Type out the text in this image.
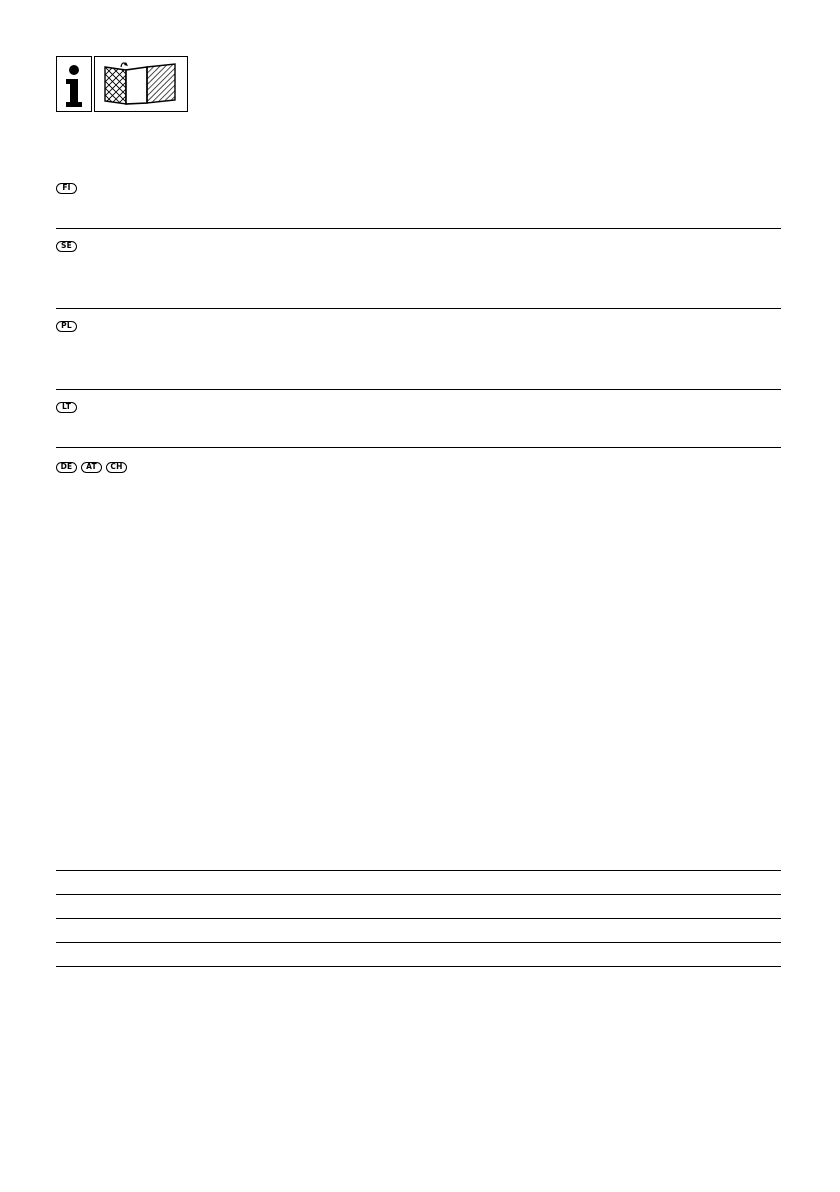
FI
SE
PL
LT
DE	AT	CH
